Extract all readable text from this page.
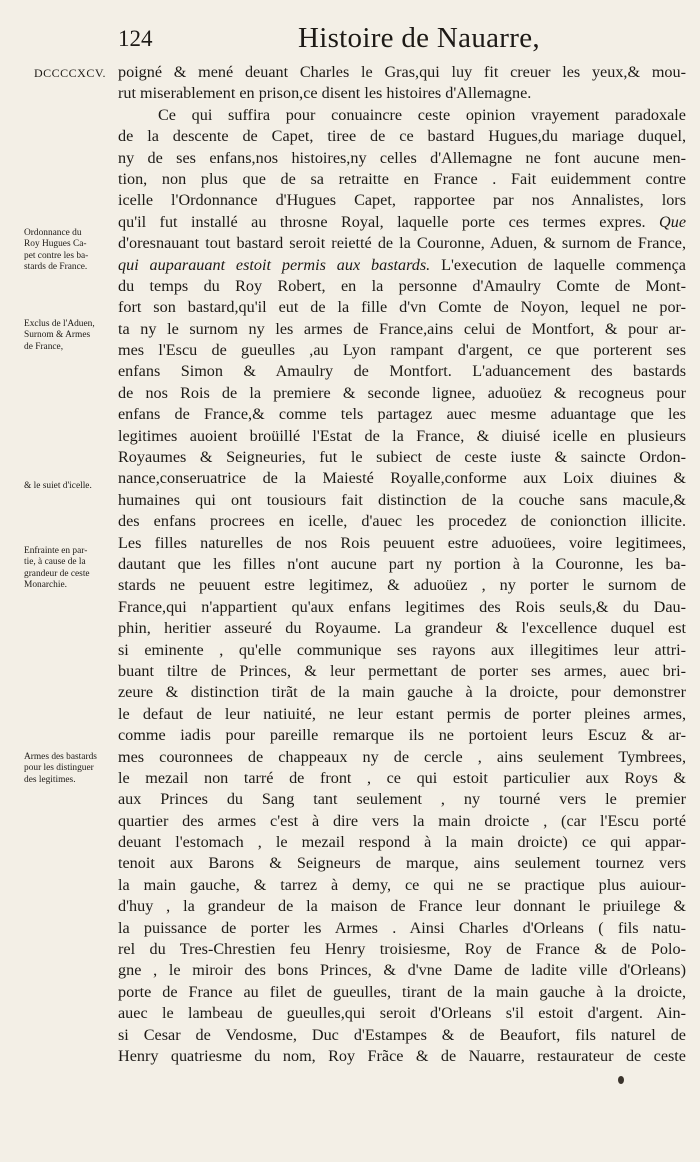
124	Histoire de Nauarre,
DCCCCXCV.
Ordonnance du
Roy Hugues Ca-
pet contre les ba-
stards de France.
Exclus de l'Aduen,
Surnom & Armes
de France,
& le suiet d'icelle.
Enfrainte en par-
tie, à cause de la
grandeur de ceste
Monarchie.
Armes des bastards
pour les distinguer
des legitimes.
poigné & mené deuant Charles le Gras,qui luy fit creuer les yeux,& mou-
rut miserablement en prison,ce disent les histoires d'Allemagne.
Ce qui suffira pour conuaincre ceste opinion vrayement paradoxale
de la descente de Capet, tiree de ce bastard Hugues,du mariage duquel,
ny de ses enfans,nos histoires,ny celles d'Allemagne ne font aucune men-
tion, non plus que de sa retraitte en France . Fait euidemment contre
icelle l'Ordonnance d'Hugues Capet, rapportee par nos Annalistes, lors
qu'il fut installé au throsne Royal, laquelle porte ces termes expres. Que
d'oresnauant tout bastard seroit reietté de la Couronne, Aduen, & surnom de France,
qui auparauant estoit permis aux bastards. L'execution de laquelle commença
du temps du Roy Robert, en la personne d'Amaulry Comte de Mont-
fort son bastard,qu'il eut de la fille d'vn Comte de Noyon, lequel ne por-
ta ny le surnom ny les armes de France,ains celui de Montfort, & pour ar-
mes l'Escu de gueulles ,au Lyon rampant d'argent, ce que porterent ses
enfans Simon & Amaulry de Montfort. L'aduancement des bastards
de nos Rois de la premiere & seconde lignee, aduoüez & recogneus pour
enfans de France,& comme tels partagez auec mesme aduantage que les
legitimes auoient broüillé l'Estat de la France, & diuisé icelle en plusieurs
Royaumes & Seigneuries, fut le subiect de ceste iuste & saincte Ordon-
nance,conseruatrice de la Maiesté Royalle,conforme aux Loix diuines &
humaines qui ont tousiours fait distinction de la couche sans macule,&
des enfans procrees en icelle, d'auec les procedez de conionction illicite.
Les filles naturelles de nos Rois peuuent estre aduoüees, voire legitimees,
dautant que les filles n'ont aucune part ny portion à la Couronne, les ba-
stards ne peuuent estre legitimez, & aduoüez , ny porter le surnom de
France,qui n'appartient qu'aux enfans legitimes des Rois seuls,& du Dau-
phin, heritier asseuré du Royaume. La grandeur & l'excellence duquel est
si eminente , qu'elle communique ses rayons aux illegitimes leur attri-
buant tiltre de Princes, & leur permettant de porter ses armes, auec bri-
zeure & distinction tirãt de la main gauche à la droicte, pour demonstrer
le defaut de leur natiuité, ne leur estant permis de porter pleines armes,
comme iadis pour pareille remarque ils ne portoient leurs Escuz & ar-
mes couronnees de chappeaux ny de cercle , ains seulement Tymbrees,
le mezail non tarré de front , ce qui estoit particulier aux Roys &
aux Princes du Sang tant seulement , ny tourné vers le premier
quartier des armes c'est à dire vers la main droicte , (car l'Escu porté
deuant l'estomach , le mezail respond à la main droicte) ce qui appar-
tenoit aux Barons & Seigneurs de marque, ains seulement tournez vers
la main gauche, & tarrez à demy, ce qui ne se practique plus auiour-
d'huy , la grandeur de la maison de France leur donnant le priuilege &
la puissance de porter les Armes . Ainsi Charles d'Orleans ( fils natu-
rel du Tres-Chrestien feu Henry troisiesme, Roy de France & de Polo-
gne , le miroir des bons Princes, & d'vne Dame de ladite ville d'Orleans)
porte de France au filet de gueulles, tirant de la main gauche à la droicte,
auec le lambeau de gueulles,qui seroit d'Orleans s'il estoit d'argent. Ain-
si Cesar de Vendosme, Duc d'Estampes & de Beaufort, fils naturel de
Henry quatriesme du nom, Roy Frãce & de Nauarre, restaurateur de ceste
